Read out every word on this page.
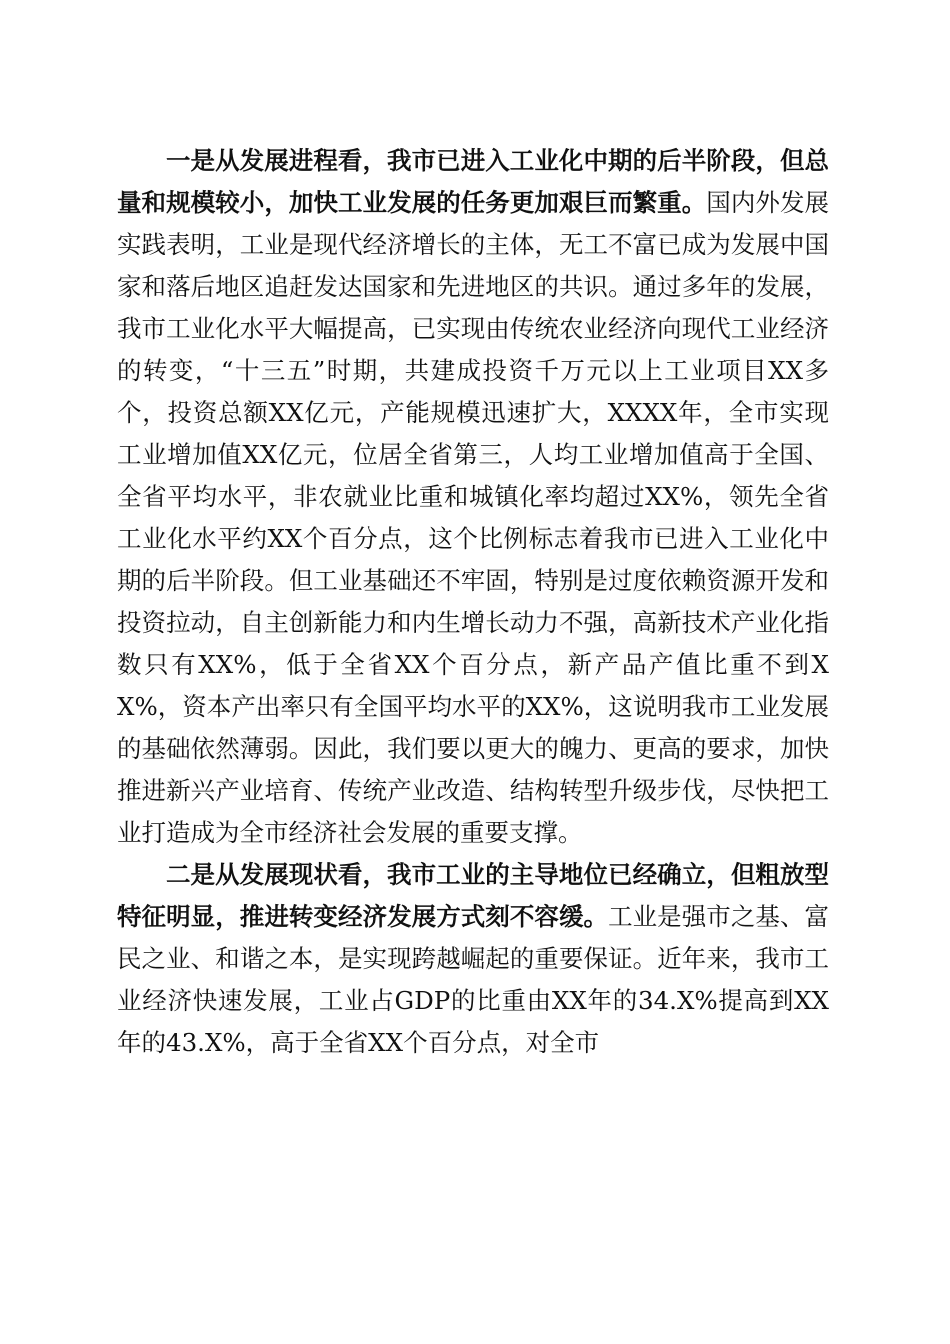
一是从发展进程看，我市已进入工业化中期的后半阶段，但总量和规模较小，加快工业发展的任务更加艰巨而繁重。国内外发展实践表明，工业是现代经济增长的主体，无工不富已成为发展中国家和落后地区追赶发达国家和先进地区的共识。通过多年的发展，我市工业化水平大幅提高，已实现由传统农业经济向现代工业经济的转变，“十三五”时期，共建成投资千万元以上工业项目XX多个，投资总额XX亿元，产能规模迅速扩大，XXXX年，全市实现工业增加值XX亿元，位居全省第三，人均工业增加值高于全国、全省平均水平，非农就业比重和城镇化率均超过XX%，领先全省工业化水平约XX个百分点，这个比例标志着我市已进入工业化中期的后半阶段。但工业基础还不牢固，特别是过度依赖资源开发和投资拉动，自主创新能力和内生增长动力不强，高新技术产业化指数只有XX%，低于全省XX个百分点，新产品产值比重不到XX%，资本产出率只有全国平均水平的XX%，这说明我市工业发展的基础依然薄弱。因此，我们要以更大的魄力、更高的要求，加快推进新兴产业培育、传统产业改造、结构转型升级步伐，尽快把工业打造成为全市经济社会发展的重要支撑。

二是从发展现状看，我市工业的主导地位已经确立，但粗放型特征明显，推进转变经济发展方式刻不容缓。工业是强市之基、富民之业、和谐之本，是实现跨越崛起的重要保证。近年来，我市工业经济快速发展，工业占GDP的比重由XX年的34.X%提高到XX年的43.X%，高于全省XX个百分点，对全市
